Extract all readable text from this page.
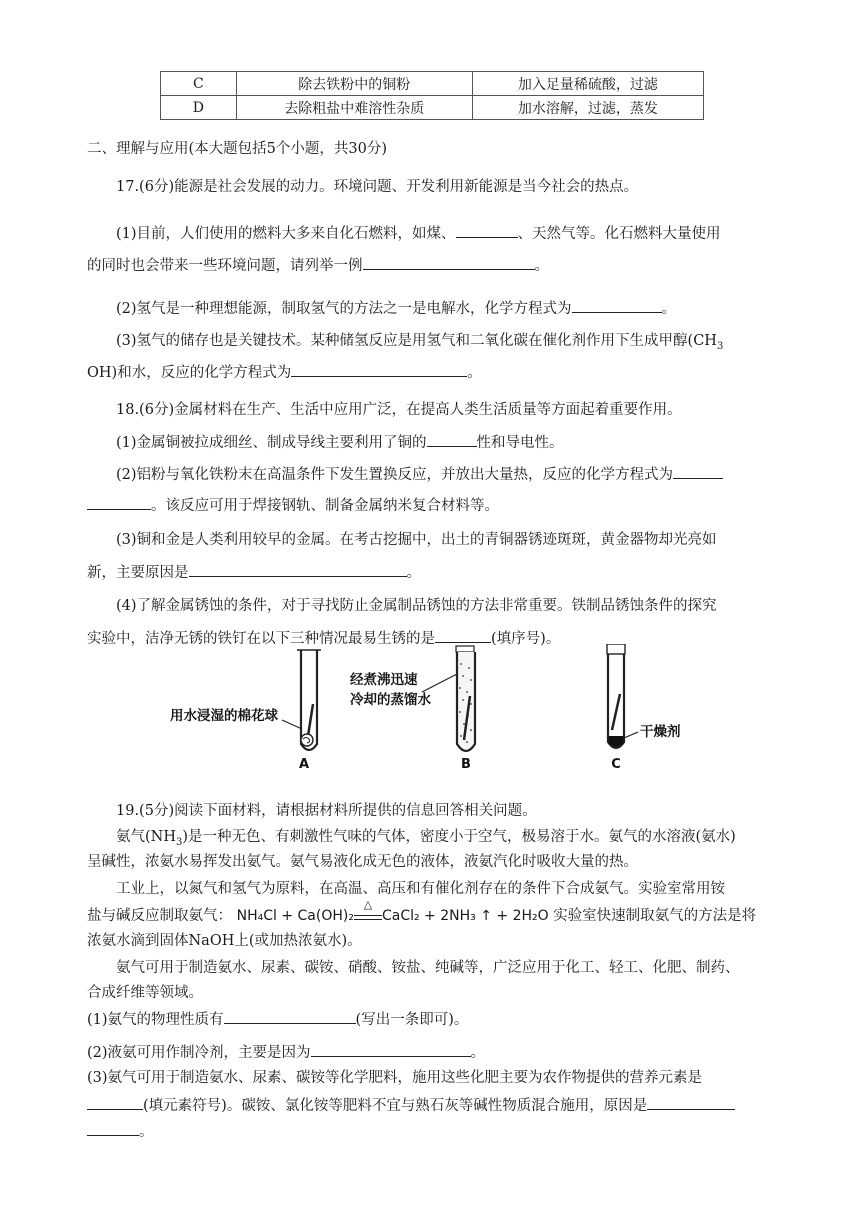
C	除去铁粉中的铜粉	加入足量稀硫酸，过滤
D	去除粗盐中难溶性杂质	加水溶解，过滤，蒸发
二、理解与应用(本大题包括5个小题，共30分)
17.(6分)能源是社会发展的动力。环境问题、开发利用新能源是当今社会的热点。
(1)目前，人们使用的燃料大多来自化石燃料，如煤、	、天然气等。化石燃料大量使用
的同时也会带来一些环境问题，请列举一例	。
(2)氢气是一种理想能源，制取氢气的方法之一是电解水，化学方程式为	。
(3)氢气的储存也是关键技术。某种储氢反应是用氢气和二氧化碳在催化剂作用下生成甲醇($CH_3$
OH)和水，反应的化学方程式为	。
18.(6分)金属材料在生产、生活中应用广泛，在提高人类生活质量等方面起着重要作用。
(1)金属铜被拉成细丝、制成导线主要利用了铜的	性和导电性。
(2)铝粉与氧化铁粉末在高温条件下发生置换反应，并放出大量热，反应的化学方程式为
。该反应可用于焊接钢轨、制备金属纳米复合材料等。
(3)铜和金是人类利用较早的金属。在考古挖掘中，出土的青铜器锈迹斑斑，黄金器物却光亮如
新，主要原因是	。
(4)了解金属锈蚀的条件，对于寻找防止金属制品锈蚀的方法非常重要。铁制品锈蚀条件的探究
实验中，洁净无锈的铁钉在以下三种情况最易生锈的是	(填序号)。
用水浸湿的棉花球
A
经煮沸迅速
冷却的蒸馏水
B
干燥剂
C
19.(5分)阅读下面材料，请根据材料所提供的信息回答相关问题。
氨气$(NH_3)$是一种无色、有刺激性气味的气体，密度小于空气，极易溶于水。氨气的水溶液(氨水)
呈碱性，浓氨水易挥发出氨气。氨气易液化成无色的液体，液氨汽化时吸收大量的热。
工业上，以氮气和氢气为原料，在高温、高压和有催化剂存在的条件下合成氨气。实验室常用铵
盐与碱反应制取氨气： NH₄Cl + Ca(OH)₂
△
CaCl₂ + 2NH₃ ↑ + 2H₂O 实验室快速制取氨气的方法是将
浓氨水滴到固体NaOH上(或加热浓氨水)。
氨气可用于制造氨水、尿素、碳铵、硝酸、铵盐、纯碱等，广泛应用于化工、轻工、化肥、制药、
合成纤维等领域。
(1)氨气的物理性质有	(写出一条即可)。
(2)液氨可用作制冷剂，主要是因为	。
(3)氨气可用于制造氨水、尿素、碳铵等化学肥料，施用这些化肥主要为农作物提供的营养元素是
(填元素符号)。碳铵、氯化铵等肥料不宜与熟石灰等碱性物质混合施用，原因是
。
